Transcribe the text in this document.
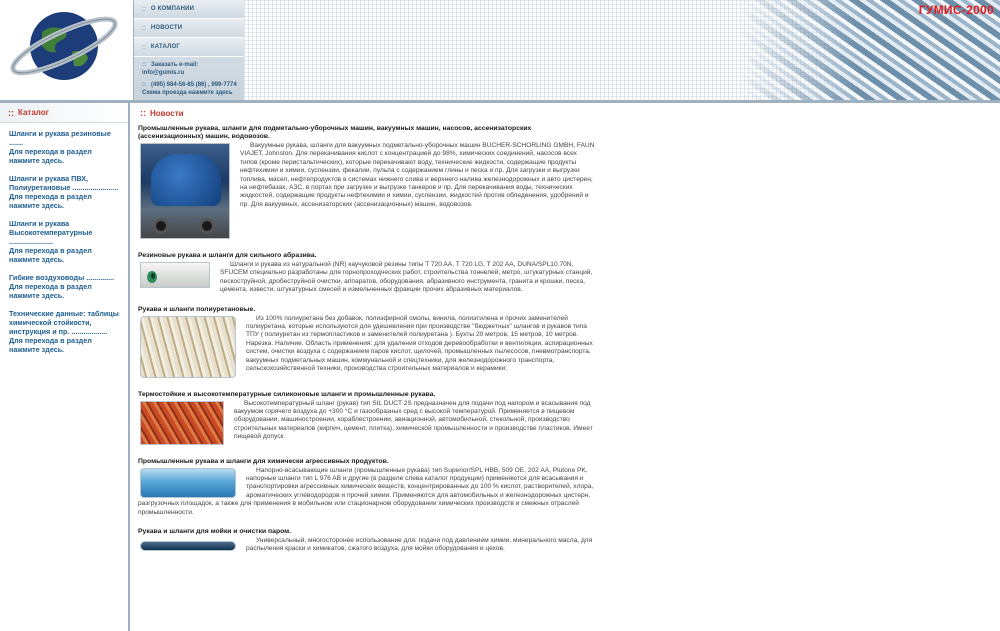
:: О КОМПАНИИ
:: НОВОСТИ
:: КАТАЛОГ
:: Заказать e-mail:
info@gumis.ru
:: (495) 984-56-85 (86) , 999-7774
Схема проезда нажмите здесь
ГУМИС-2000
:: Каталог
Шланги и рукава резиновые .......
Для перехода в раздел нажмите здесь.
Шланги и рукава ПВХ, Полиуретановые .......................
Для перехода в раздел нажмите здесь.
Шланги и рукава Высокотемпературные ......................
Для перехода в раздел нажмите здесь.
Гибкие воздуховоды ..............
Для перехода в раздел нажмите здесь.
Технические данные: таблицы химической стойкости, инструкция и пр. ..................
Для перехода в раздел нажмите здесь.
:: Новости
Промышленные рукава, шланги для подметально-уборочных машин, вакуумных машин, насосов, ассенизаторских (ассенизационных) машин, водовозов.
Вакуумные рукава, шланги для вакуумных подметально-уборочных машин BUCHER-SCHORLING GMBH, FAUN VIAJET, Johnston. Для перекачивания кислот с концентрацией до 98%, химических соединений, насосов всех типов (кроме перистальтических), которые перекачивают воду, технические жидкости, содержащие продукты нефтехимии и химии, суспензии, фекалии, пульпа с содержанием глины и песка и пр. Для загрузки и выгрузки топлива, масел, нефтепродуктов в системах нижнего слива и верхнего налива железнодорожных и авто цистерен, на нефтебазах, АЗС, в портах при загрузке и выгрузке танкеров и пр. Для перекачивания воды, технических жидкостей, содержащие продукты нефтехимии и химии, суспензии, жидкостей против обледенения, удобрений и пр. Для вакуумных, ассенизаторских (ассенизационных) машин, водовозов.
Резиновые рукава и шланги для сильного абразива.
Шланги и рукава из натуральной (NR) каучуковой резины типы T 720 AA, T 720 LG, T 202 AA, DUNA/SPL10.70N, SFUCEM специально разработаны для горнопроходческих работ, строительства тоннелей, метро, штукатурных станций, пескоструйной, дробеструйной очистки, аппаратов, оборудования, абразивного инструмента, гранита и крошки, песка, цемента, извести, штукатурных смесей и измельченных фракции прочих абразивных материалов.
Рукава и шланги полиуретановые.
Из 100% полиуретана без добавок, полиэфирной смолы, винила, полиэтилена и прочих заменителей полиуретана, которые используются для удешевления при производстве "бюджетных" шлангов и рукавов типа ТПУ ( полиуретан из термопластиков и заменителей полиуретана ). Бухты 20 метров, 15 метров, 10 метров. Нарезка. Наличие. Область применения: для удаления отходов деревообработки и вентиляции, аспирационных систем, очистки воздуха с содержанием паров кислот, щелочей, промышленных пылесосов, пневмотранспорта, вакуумных подметальных машин, коммунальной и спецтехники, для железнодорожного транспорта, сельскохозяйственной техники, производства строительных материалов и керамики;
Термостойкие и высокотемпературные силиконовые шланги и промышленные рукава.
Высокотемпературный шланг (рукав) тип SIL DUCT 2S предназначен для подачи под напором и всасывания под вакуумом горячего воздуха до +300 °С и газообразных сред с высокой температурой. Применяется в пищевом оборудовании, машиностроении, кораблестроении, авиационной, автомобильной, стекольной, производство строительных материалов (кирпич, цемент, плитка), химической промышленности и производстве пластиков. Имеет пищевой допуск.
Промышленные рукава и шланги для химически агрессивных продуктов.
Напорно-всасывающие шланги (промышленные рукава) тип Superior/SPL HBB, 509 OE, 202 AA, Plutone PK, напорные шланги тип L 976 AB и другие (в разделе слева каталог продукции) применяются для всасывания и транспортировки агрессивных химических веществ, концентрированных до 100 % кислот, растворителей, хлора, ароматических углеводородов и прочей химии. Применяются для автомобильных и железнодорожных цистерн, разгрузочных площадок, а также для применения в мобильном или стационарном оборудовании химических производств и смежных отраслей промышленности.
Рукава и шланги для мойки и очистки паром.
Универсальный, многосторонее использование для: подачи под давлением химии, минерального масла, для распыления краски и химикатов, сжатого воздуха, для мойки оборудования и цехов.
